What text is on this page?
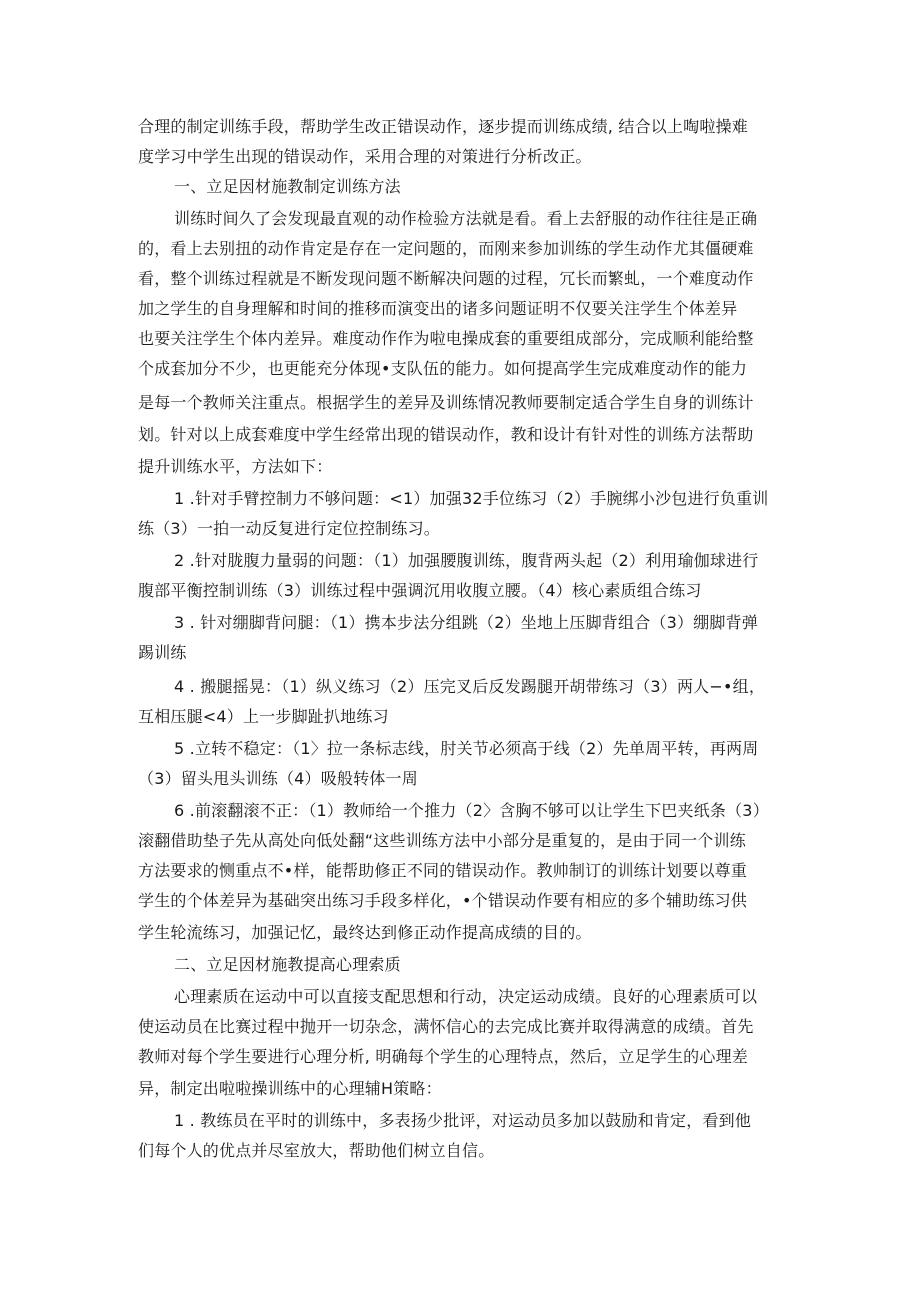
合理的制定训练手段，帮助学生改正错误动作，逐步提而训练成绩, 结合以上啕啦操难
度学习中学生出现的错误动作，采用合理的对策进行分析改正。
一、立足因材施教制定训练方法
训练时间久了会发现最直观的动作检验方法就是看。看上去舒服的动作往往是正确
的，看上去别扭的动作肯定是存在一定问题的，而刚来参加训练的学生动作尤其僵硬难
看，整个训练过程就是不断发现问题不断解决问题的过程，冗长而繁虬，一个难度动作
加之学生的自身理解和时间的推移而演变出的诸多问题证明不仅要关注学生个体差异
也要关注学生个体内差异。难度动作作为啦电操成套的重要组成部分，完成顺利能给整
个成套加分不少，也更能充分体现•支队伍的能力。如何提高学生完成难度动作的能力
是每一个教师关注重点。根据学生的差异及训练情况教师要制定适合学生自身的训练计
划。针对以上成套难度中学生经常出现的错误动作，教和设计有针对性的训练方法帮助
提升训练水平，方法如下：
1 .针对手臂控制力不够问题：<1）加强32手位练习（2）手腕绑小沙包进行负重训
练（3）一拍一动反复进行定位控制练习。
2 .针对胧腹力量弱的问题：（1）加强腰腹训练，腹背两头起（2）利用瑜伽球进行
腹部平衡控制训练（3）训练过程中强调沉用收腹立腰。（4）核心素质组合练习
3 . 针对绷脚背问腿：（1）携本步法分组跳（2）坐地上压脚背组合（3）绷脚背弹
踢训练
4 . 搬腿摇晃：（1）纵义练习（2）压完叉后反发踢腿开胡带练习（3）两人−•组，
互相压腿<4）上一步脚趾扒地练习
5 .立转不稳定：（1〉拉一条标志线，肘关节必须高于线（2）先单周平转，再两周
（3）留头甩头训练（4）吸般转体一周
6 .前滚翻滚不正：（1）教师给一个推力（2〉含胸不够可以让学生下巴夹纸条（3）
滚翻借助垫子先从高处向低处翻“这些训练方法中小部分是重复的，是由于同一个训练
方法要求的恻重点不•样，能帮助修正不同的错误动作。教帅制订的训练计划要以尊重
学生的个体差异为基础突出练习手段多样化，•个错误动作要有相应的多个辅助练习供
学生轮流练习，加强记忆，最终达到修正动作提高成绩的目的。
二、立足因材施教提高心理索质
心理素质在运动中可以直接支配思想和行动，决定运动成绩。良好的心理素质可以
使运动员在比赛过程中抛开一切杂念，满怀信心的去完成比赛并取得满意的成绩。首先
教师对每个学生要进行心理分析, 明确每个学生的心理特点，然后，立足学生的心理差
异，制定出啦啦操训练中的心理辅H策略：
1 . 教练员在平时的训练中，多表扬少批评，对运动员多加以鼓励和肯定，看到他
们每个人的优点并尽室放大，帮助他们树立自信。
